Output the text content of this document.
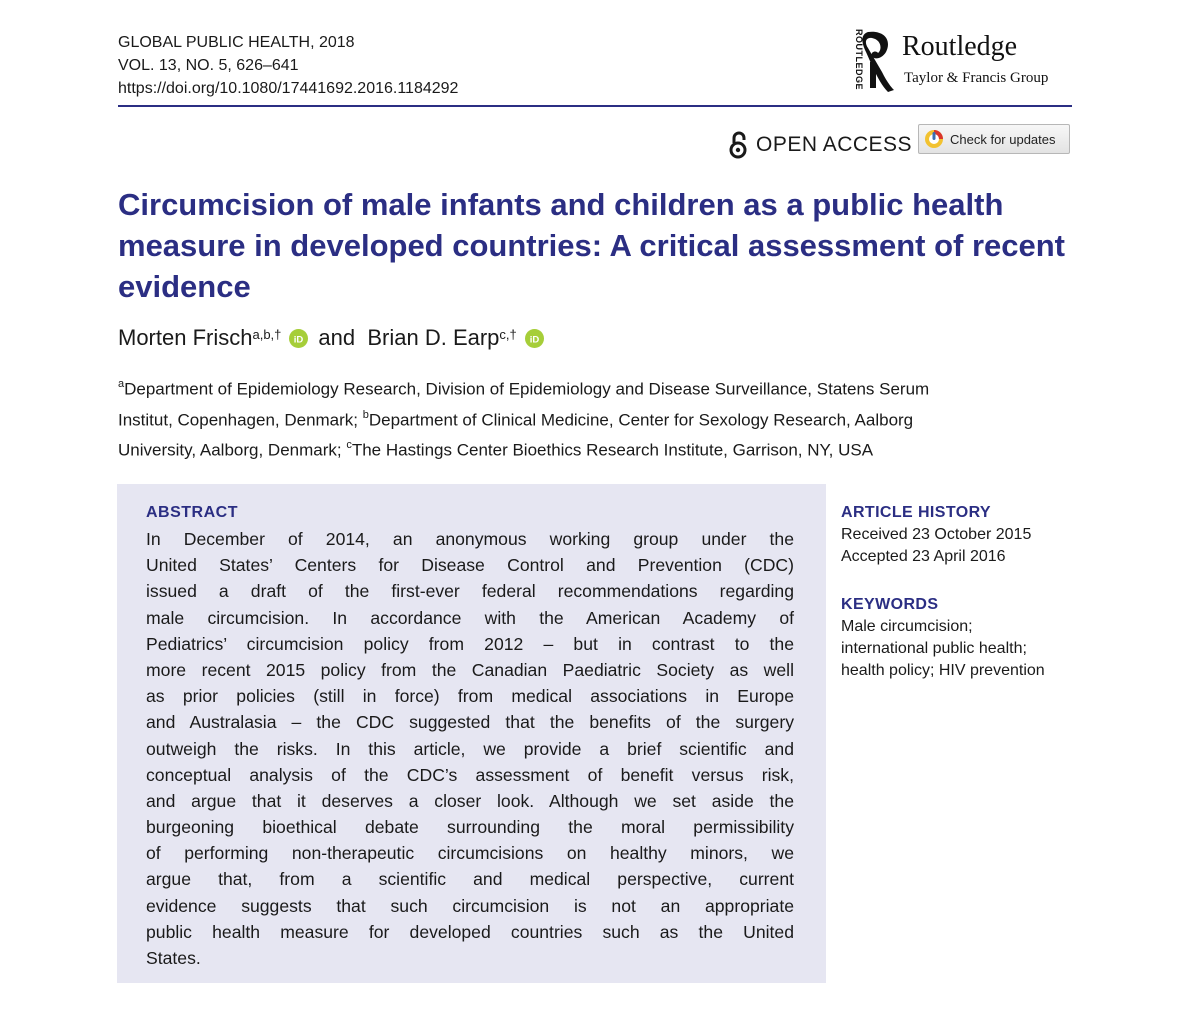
GLOBAL PUBLIC HEALTH, 2018
VOL. 13, NO. 5, 626–641
https://doi.org/10.1080/17441692.2016.1184292	ROUTLEDGE Routledge
Taylor & Francis Group
OPEN ACCESS	Check for updates
Circumcision of male infants and children as a public health measure in developed countries: A critical assessment of recent evidence
Morten Frisch$^{a,b,\dagger}$ iD and
Brian D. Earp$^{c,\dagger}$ iD
$^a$Department of Epidemiology Research, Division of Epidemiology and Disease Surveillance, Statens Serum
Institut, Copenhagen, Denmark; $^b$Department of Clinical Medicine, Center for Sexology Research, Aalborg
University, Aalborg, Denmark; $^c$The Hastings Center Bioethics Research Institute, Garrison, NY, USA
ABSTRACT
In December of 2014, an anonymous working group under the
United States’ Centers for Disease Control and Prevention (CDC)
issued a draft of the first-ever federal recommendations regarding
male circumcision. In accordance with the American Academy of
Pediatrics’ circumcision policy from 2012 – but in contrast to the
more recent 2015 policy from the Canadian Paediatric Society as well
as prior policies (still in force) from medical associations in Europe
and Australasia – the CDC suggested that the benefits of the surgery
outweigh the risks. In this article, we provide a brief scientific and
conceptual analysis of the CDC’s assessment of benefit versus risk,
and argue that it deserves a closer look. Although we set aside the
burgeoning bioethical debate surrounding the moral permissibility
of performing non-therapeutic circumcisions on healthy minors, we
argue that, from a scientific and medical perspective, current
evidence suggests that such circumcision is not an appropriate
public health measure for developed countries such as the United
States.
ARTICLE HISTORY
Received 23 October 2015
Accepted 23 April 2016
KEYWORDS
Male circumcision;
international public health;
health policy; HIV prevention
